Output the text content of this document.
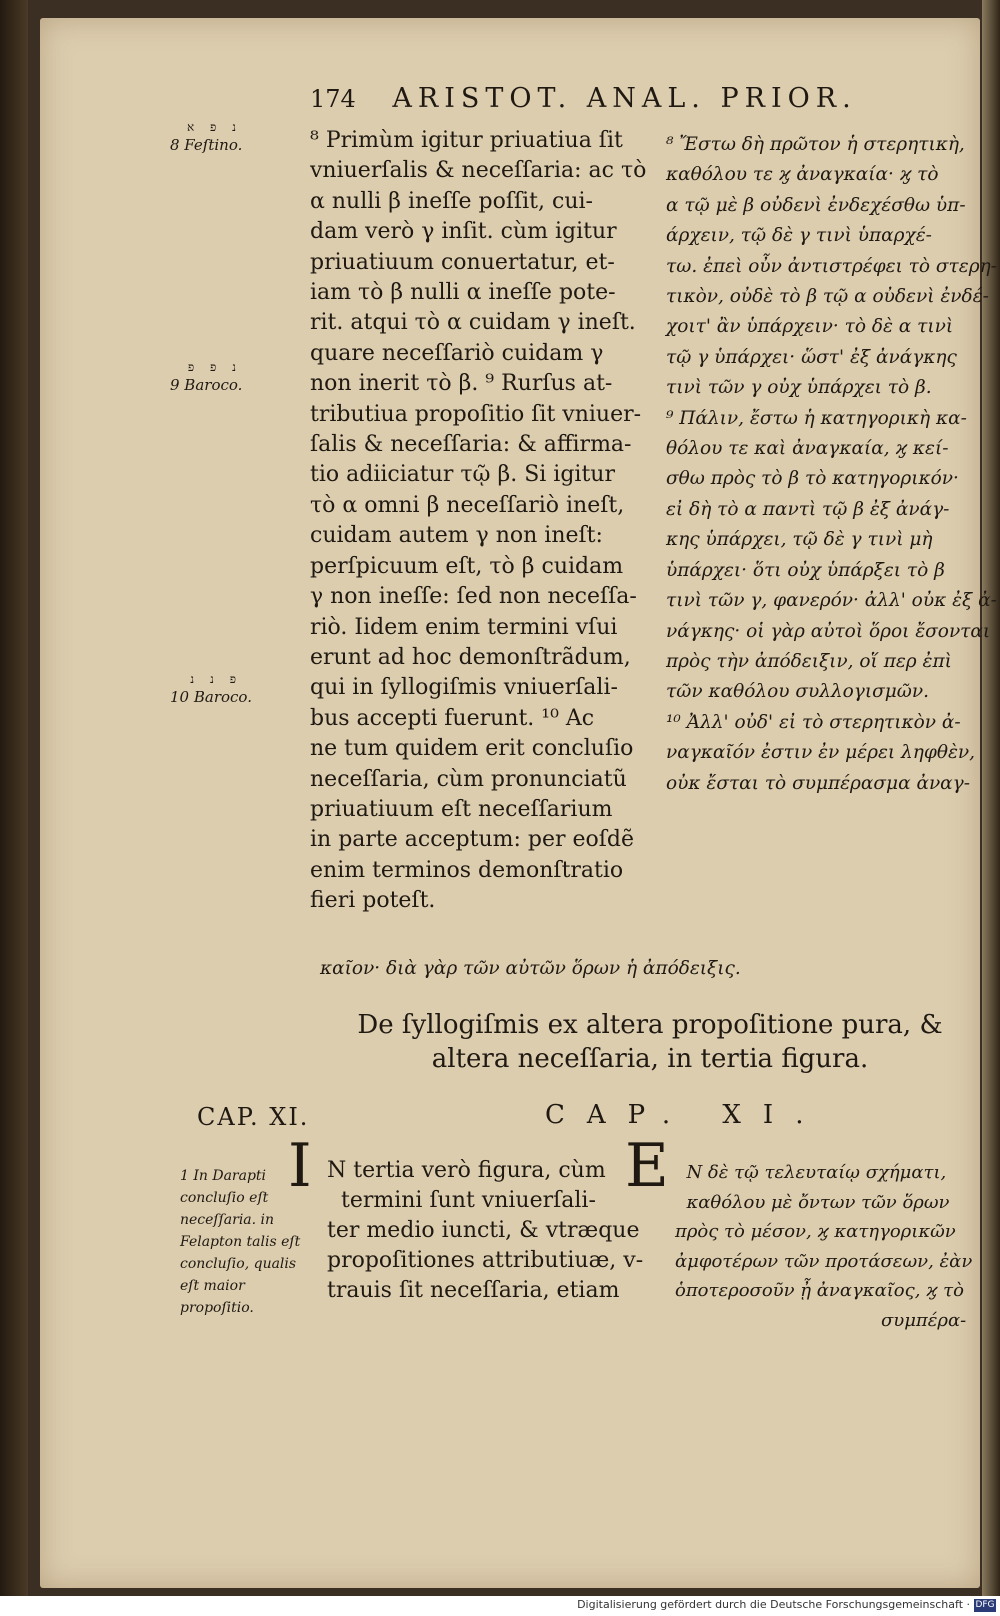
174 ARISTOT. ANAL. PRIOR.
נ פ א
8 Feſtino.
נ פ פ
9 Baroco.
פ נ נ
10 Baroco.
⁸ Primùm igitur priuatiua ſit
vniuerſalis & neceſſaria: ac τὸ
α nulli β ineſſe poſſit, cui-
dam verò γ inſit. cùm igitur
priuatiuum conuertatur, et-
iam τὸ β nulli α ineſſe pote-
rit. atqui τὸ α cuidam γ ineſt.
quare neceſſariò cuidam γ
non inerit τὸ β. ⁹ Rurſus at-
tributiua propoſitio ſit vniuer-
ſalis & neceſſaria: & affirma-
tio adiiciatur τῷ β. Si igitur
τὸ α omni β neceſſariò ineſt,
cuidam autem γ non ineſt:
perſpicuum eſt, τὸ β cuidam
γ non ineſſe: ſed non neceſſa-
riò. Iidem enim termini vſui
erunt ad hoc demonſtrãdum,
qui in ſyllogiſmis vniuerſali-
bus accepti fuerunt. ¹⁰ Ac
ne tum quidem erit concluſio
neceſſaria, cùm pronunciatũ
priuatiuum eſt neceſſarium
in parte acceptum: per eoſdẽ
enim terminos demonſtratio
fieri poteſt.
⁸ Ἔστω δὴ πρῶτον ἡ στερητικὴ,
καθόλου τε ϗ ἀναγκαία· ϗ τὸ
α τῷ μὲ β οὐδενὶ ἐνδεχέσθω ὑπ-
άρχειν, τῷ δὲ γ τινὶ ὑπαρχέ-
τω. ἐπεὶ οὖν ἀντιστρέφει τὸ στερη-
τικὸν, οὐδὲ τὸ β τῷ α οὐδενὶ ἐνδέ-
χοιτ' ἂν ὑπάρχειν· τὸ δὲ α τινὶ
τῷ γ ὑπάρχει· ὥστ' ἐξ ἀνάγκης
τινὶ τῶν γ οὐχ ὑπάρχει τὸ β.
⁹ Πάλιν, ἔστω ἡ κατηγορικὴ κα-
θόλου τε καὶ ἀναγκαία, ϗ κεί-
σθω πρὸς τὸ β τὸ κατηγορικόν·
εἰ δὴ τὸ α παντὶ τῷ β ἐξ ἀνάγ-
κης ὑπάρχει, τῷ δὲ γ τινὶ μὴ
ὑπάρχει· ὅτι οὐχ ὑπάρξει τὸ β
τινὶ τῶν γ, φανερόν· ἀλλ' οὐκ ἐξ ἀ-
νάγκης· οἱ γὰρ αὐτοὶ ὅροι ἔσονται
πρὸς τὴν ἀπόδειξιν, οἵ περ ἐπὶ
τῶν καθόλου συλλογισμῶν.
¹⁰ Ἀλλ' οὐδ' εἰ τὸ στερητικὸν ἀ-
ναγκαῖόν ἐστιν ἐν μέρει ληφθὲν,
οὐκ ἔσται τὸ συμπέρασμα ἀναγ-
καῖον· διὰ γὰρ τῶν αὐτῶν ὅρων ἡ ἀπόδειξις.
De ſyllogiſmis ex altera propoſitione pura, &
altera neceſſaria, in tertia figura.
CAP. XI.	CAP. XI.
1 In Darapti concluſio eſt neceſſaria. in Felapton talis eſt concluſio, qualis eſt maior propoſitio.
I N tertia verò figura, cùm
termini ſunt vniuerſali-
ter medio iuncti, & vtræque
propoſitiones attributiuæ, v-
trauis ſit neceſſaria, etiam
E Ν δὲ τῷ τελευταίῳ σχήματι,
καθόλου μὲ ὄντων τῶν ὅρων
πρὸς τὸ μέσον, ϗ κατηγορικῶν
ἀμφοτέρων τῶν προτάσεων, ἐὰν
ὁποτεροσοῦν ᾖ ἀναγκαῖος, ϗ τὸ
συμπέρα-
Digitalisierung gefördert durch die Deutsche Forschungsgemeinschaft · DFG
